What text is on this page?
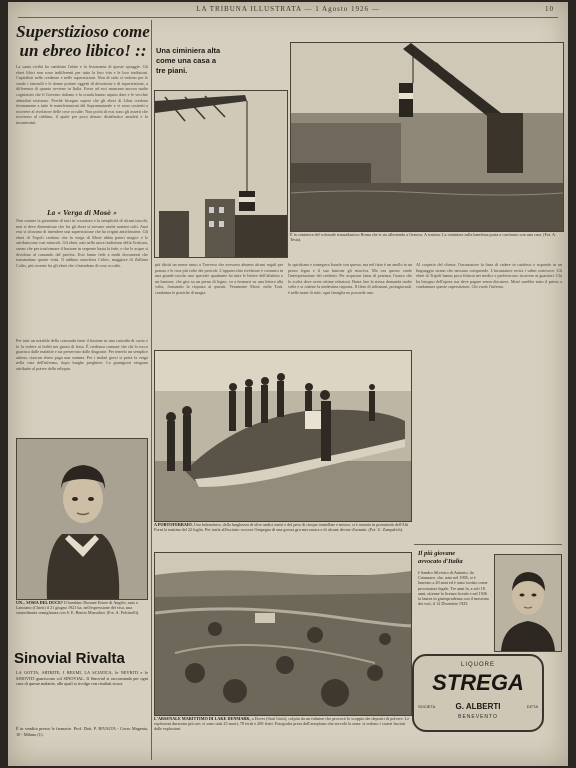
LA TRIBUNA ILLUSTRATA — 1 Agosto 1926 —	10
Superstizioso come
un ebreo libico! ::
La santa civiltà ha cambiato l'abito e la fisionomia di queste spiaggie. Gli ebrei libici non sono indifferenti per tutta la loro vita e le loro tradizioni. Capitalisti nelle credenze e nelle superstizioni. Non di rado si vedono per le strade i fanciulli e le donne portare oggetti di devozione e di superstizione, a differenza di quanto avviene in Italia. Forse ad essi mancano ancora molte cognizioni che il Governo italiano e la scuola hanno saputo dare e le vecchie abitudini resistono. Perchè bisogna sapere che gli ebrei di Libia credono fermamente a tutte le manifestazioni del Soprannaturale e vi sono costretti a ricorrere al rivelatore delle cose occulte. Non pochi di essi sono gli asserti che ricorrono al rabbino, il quale per poco denaro distribuisce amuleti e fa incantesimi.
La « Verga di Mosè »
Non ostante la giornalaia di tutti in vocazioni e la semplicità di alcuni trucchi, non si deve dimenticare che fra gli ebrei si trovano anche uomini colti. Anzi essi si sforzano di intendere una superstizione che ha origini antichissime. Gli ebrei di Tripoli credono che la verga di Mosè abbia poteri magici e le attribuiscono vari miracoli. Gli ebrei, nati nella sacra tradizione della Scrittura, sanno che per trasformare il bastone in serpente basta la fede, e che le acque si dividono al comando del profeta. Essi fanno fede a molti documenti che tramandano queste virtù. Il rabbino maschera Coltes, maggiore di Zalliner Coltis, più recente fra gli ebrei che s'intendono di cose occulte.
Per tutti un notabile della comunità tiene il bastone in una custodia di cuoio e lo fa vedere ai fedeli nei giorni di festa. È credenza comune che chi lo tocca guarisca dalle malattie e sia preservato dalle disgrazie. Per tenerlo un semplice attimo, ciascun ebreo paga una somma. Per i malati gravi si porta la verga nella casa dell'infermo, dopo lunghe preghiere. Le guarigioni vengono attribuite al potere della reliquia.
UN... SOSIA DEL DUCE? Il bambino Durante Ettore di Angelo, nato a Lanciano (Chieti) il 21 giugno 1921 ha, nell'espressione del viso, una straordinaria somiglianza con S. E. Benito Mussolini. (Fot. A. Polcinelli).
Sinovial Rivalta
LA GOTTA, ARTRITE, I REUMI, LA SCIATICA, le NEVRITI e le SINOVITI guariscono col SINOVIAL. Il Sinovial si raccomanda per ogni cura di queste malattie, alle quali si rivolge con risultati sicuri.
È in vendita presso le farmacie. Prof. Dott. P. RIVALTA - Corso Magenta, 10 - Milano (1).
Una ciminiera alta
come una casa a
tre piani.
È la ciminiera del colossale transatlantico Roma che si sta allestendo a Genova. A sinistra: La ciminiera sulla banchina posta a confronto con una casa. (Fot. A. Testa).
più diritti un nome santo a Traverso che avessero almeno alcuni regali per pranzo e le rose più volte dei pericoli. L'apparecchio rivelatore è costruito in una grande tavola; uno speciale quadrante ha tutte le lettere dell'alfabeto e un bastone, che gira su un perno di legno, va a fermarsi su una lettera alla volta, formando la risposta ai quesiti. Veramente Mosè, nella Torà, condanna le pratiche di magia.
lo spiritismo e rinnegava Israele con questo, ma nel fatto è un anello in un pezzo legno e il suo bastone gli riusciva. Ma ora questo vuole l'interpretazione dei credenti. Per acquistar fama di potenza, l'uomo che lo scolta deve avere ottime relazioni. Basta fare la stessa domanda molte volte e si ottiene la medesima risposta. Il libro di talismani, portagiornali, è nelle mani di tutti; ogni famiglia ne possiede uno.
Al cospetto del cliente, l'incantatore fa finta di cadere in catalessi e risponde in un linguaggio strano che nessuno comprende. L'incantatore recita i salmi sottovoce. Gli ebrei di Tripoli hanno poca fiducia nei medici e preferiscono ricorrere ai guaritori. Chi ha bisogno dell'opera sua deve pagare senza discutere. Mosè sarebbe stato il primo a condannare queste superstizioni. Chi vuole l'inferno.
A PORTOFERRAIO. Una balenottera, della lunghezza di oltre undici metri e del peso di cinque tonnellate e mezzo, si è arenata in prossimità dell'Alti Forni la mattina del 22 luglio. Per trarla all'asciutto occorse l'impegno di una grossa gru meccanica e di alcune decine d'uomini. (Fot. U. Zampalich).
L'ARSENALE MARITTIMO DI LAKE DENMARK, a Dover (Stati Uniti), colpito da un fulmine che provocò lo scoppio dei depositi di polvere. Le esplosioni durarono più ore; vi sono stati 25 morti, 78 feriti e 200 feriti. Fotografia presa dell'aeroplano che sorvolò la zona: si vedono i crateri lasciati dalle esplosioni.
Il più giovane
avvocato d'Italia
è Sandro Silvestro di Antonio, da Catanzaro, che, nato nel 1905, si è laureato a 20 anni ed è stato iscritto come procuratore legale. Tre anni fa, a soli 18 anni, ottenne la licenza liceale e nel 1926 la laurea in giurisprudenza con il massimo dei voti, il 12 Dicembre 1925.
LIQUORE
STREGA
SOCIETA	G. ALBERTI	DITTA
BENEVENTO
